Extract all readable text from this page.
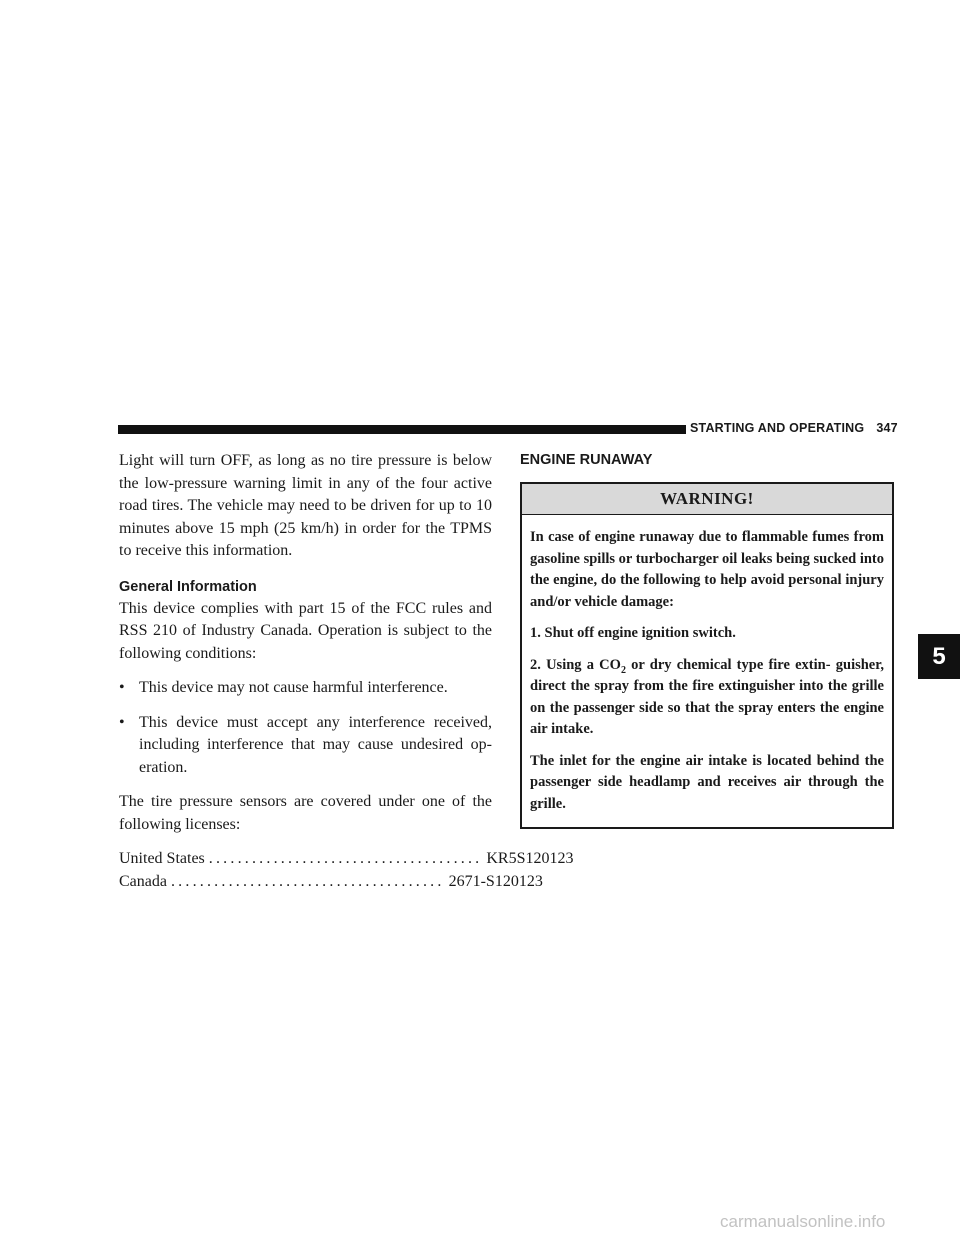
STARTING AND OPERATING 347

Light will turn OFF, as long as no tire pressure is below the low-pressure warning limit in any of the four active road tires. The vehicle may need to be driven for up to 10 minutes above 15 mph (25 km/h) in order for the TPMS to receive this information.

General Information

This device complies with part 15 of the FCC rules and RSS 210 of Industry Canada. Operation is subject to the following conditions:

• This device may not cause harmful interference.
• This device must accept any interference received, including interference that may cause undesired op- eration.

The tire pressure sensors are covered under one of the following licenses:

United States ...................................... KR5S120123
Canada ...................................... 2671-S120123
ENGINE RUNAWAY
WARNING!

In case of engine runaway due to flammable fumes from gasoline spills or turbocharger oil leaks being sucked into the engine, do the following to help avoid personal injury and/or vehicle damage:

1. Shut off engine ignition switch.

2. Using a $CO_2$ or dry chemical type fire extin- guisher, direct the spray from the fire extinguisher into the grille on the passenger side so that the spray enters the engine air intake.

The inlet for the engine air intake is located behind the passenger side headlamp and receives air through the grille.

5
carmanualsonline.info
